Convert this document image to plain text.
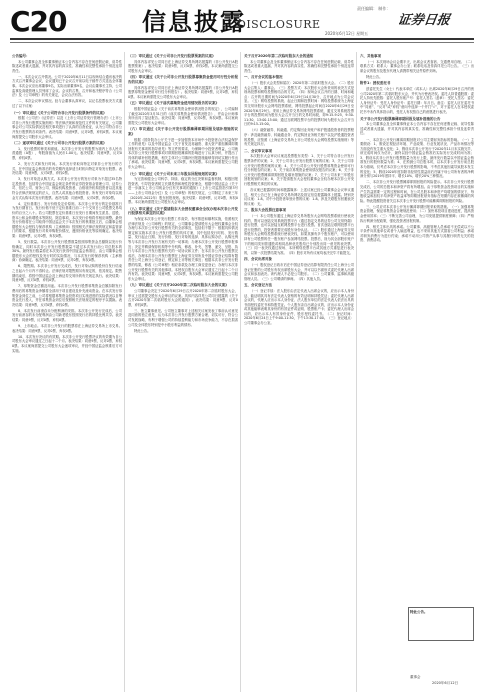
责任编辑： 制作：
C20	信息披露
DISCLOSURE	证券日报
2020年6月12日 星期五

公告编号：

本公司董事会及全体董事保证本公告内容不存在任何虚假记载、误导性陈述或者重大遗漏，并对其内容的真实性、准确性和完整性承担个别及连带责任。

一、本次会议召开情况。公司于2020年6月11日以现场结合通讯表决的方式召开董事会会议，会议通知已于会议召开前以电子邮件方式送达全体董事。本次会议应出席董事9名，实际出席董事9名，会议由董事长主持，公司监事及高级管理人员列席了会议。会议的召集、召开和表决程序符合《公司法》及《公司章程》的有关规定，会议合法有效。

二、本次会议审议情况。经与会董事认真审议，以记名投票表决方式通过了以下议案：

（一）审议通过《关于公司符合非公开发行股票条件的议案》

根据《公司法》《证券法》以及《上市公司证券发行管理办法》《上市公司非公开发行股票实施细则》等法律法规和规范性文件的有关规定，公司董事会对公司实际情况及相关事项进行了认真的自查论证，认为公司符合非公开发行股票的各项条件。表决结果：同意9票，反对0票，弃权0票。本议案尚需提交公司股东大会审议。

（二）逐项审议通过《关于公司非公开发行股票方案的议案》

1、发行股票的种类和面值。本次非公开发行的股票为境内上市人民币普通股（A股），每股面值为人民币1.00元。表决结果：同意9票，反对0票，弃权0票。

2、发行方式和发行时间。本次发行采取向特定对象非公开发行的方式，在中国证监会核准后的有效期内选择适当时机向特定对象发行股票。表决结果：同意9票，反对0票，弃权0票。

3、发行对象及认购方式。本次非公开发行的发行对象为不超过35名特定投资者，包括符合中国证监会规定条件的证券投资基金管理公司、证券公司、信托公司、财务公司、保险机构投资者、合格境外机构投资者以及其他符合法律法规规定的法人、自然人或其他合格投资者。所有发行对象均以现金方式认购本次发行的股票。表决结果：同意9票，反对0票，弃权0票。

4、定价基准日、发行价格及定价原则。本次非公开发行的定价基准日为发行期首日。发行价格不低于定价基准日前二十个交易日公司股票交易均价的百分之八十。若公司股票在定价基准日至发行日期间发生派息、送股、资本公积金转增股本等除权、除息事项，本次发行价格将作相应调整。最终发行价格将在公司取得中国证监会关于本次发行的核准批文后，由董事会根据股东大会授权与保荐机构（主承销商）按照相关法律法规的规定和监管部门的要求，根据发行对象申购报价情况，遵照价格优先等原则确定。表决结果：同意9票，反对0票，弃权0票。

5、发行数量。本次非公开发行股票数量按照募集资金总额除以发行价格确定，同时本次非公开发行股票数量不超过本次发行前公司总股本的30%。最终发行数量将在本次发行获得中国证监会核准后，由公司董事会根据股东大会的授权及发行时的实际情况，与本次发行的保荐机构（主承销商）协商确定。表决结果：同意9票，反对0票，弃权0票。

6、限售期。本次非公开发行完成后，发行对象认购的股份自发行结束之日起六个月内不得转让。法律法规对限售期另有规定的，依其规定。限售期结束后，将按中国证监会及上海证券交易所的有关规定执行。表决结果：同意9票，反对0票，弃权0票。

7、募集资金总额及用途。本次非公开发行股票募集资金总额扣除发行费用后的募集资金净额将全部用于项目建设及补充流动资金。在本次发行募集资金到位之前，公司将根据募集资金投资项目实施进度的实际情况以自筹资金先行投入，并在募集资金到位后按照相关法规规定的程序予以置换。表决结果：同意9票，反对0票，弃权0票。

8、本次发行前滚存未分配利润的安排。本次非公开发行完成后，公司发行前滚存的未分配利润由公司新老股东按照发行后的持股比例共享。表决结果：同意9票，反对0票，弃权0票。

9、上市地点。本次非公开发行的股票将在上海证券交易所上市交易。表决结果：同意9票，反对0票，弃权0票。

10、本次发行决议的有效期。本次非公开发行股票决议的有效期为自公司股东大会审议通过之日起十二个月。表决结果：同意9票，反对0票，弃权0票。本议案尚需提交公司股东大会逐项审议，并经中国证监会核准后方可实施。

（三）审议通过《关于公司非公开发行股票预案的议案》

具体内容详见公司同日在上海证券交易所网站披露的《非公开发行A股股票预案》。表决结果：同意9票，反对0票，弃权0票。本议案尚需提交公司股东大会审议。

（四）审议通过《关于公司非公开发行股票募集资金使用可行性分析报告的议案》

具体内容详见公司同日在上海证券交易所网站披露的《非公开发行A股股票募集资金使用可行性分析报告》。表决结果：同意9票，反对0票，弃权0票。本议案尚需提交公司股东大会审议。

（五）审议通过《关于前次募集资金使用情况报告的议案》

根据中国证监会《关于前次募集资金使用情况报告的规定》，公司编制了截至2020年3月31日的《前次募集资金使用情况报告》，并由会计师事务所出具了鉴证报告。表决结果：同意9票，反对0票，弃权0票。本议案尚需提交公司股东大会审议。

（六）审议通过《关于非公开发行股票摊薄即期回报及填补措施的议案》

根据《国务院办公厅关于进一步加强资本市场中小投资者合法权益保护工作的意见》以及中国证监会《关于首发及再融资、重大资产重组摊薄即期回报有关事项的指导意见》等文件的要求，为保障中小投资者利益，公司就本次非公开发行股票事项对即期回报摊薄的影响进行了认真分析，并提出了具体的填补回报措施，相关主体对公司填补回报措施能够得到切实履行作出了承诺。表决结果：同意9票，反对0票，弃权0票。本议案尚需提交公司股东大会审议。

（七）审议通过《关于公司未来三年股东回报规划的议案》

为完善和健全公司科学、持续、稳定的分红决策和监督机制，积极回报投资者，引导投资者树立长期投资和理性投资理念，根据中国证监会《关于进一步落实上市公司现金分红有关事项的通知》《上市公司监管指引第3号——上市公司现金分红》及《公司章程》的相关规定，公司制定了未来三年（2020年-2022年）股东回报规划。表决结果：同意9票，反对0票，弃权0票。本议案尚需提交公司股东大会审议。

（八）审议通过《关于提请股东大会授权董事会全权办理本次非公开发行股票相关事宜的议案》

为保证本次非公开发行股票工作高效、有序推进和顺利实施，依照相关法律法规及《公司章程》的规定，公司董事会提请股东大会授权董事会全权办理与本次非公开发行股票有关的全部事宜，包括但不限于：根据具体情况制定和实施本次非公开发行股票的具体方案，其中包括发行时机、发行数量、发行起止日期、发行价格、发行对象的选择、具体认购办法、认购比例等与本次非公开发行方案有关的一切事项；办理本次非公开发行股票申报事宜；决定并聘请保荐机构等中介机构，修改、补充、签署、递交、呈报、执行与本次非公开发行股票有关的一切协议和文件；在本次非公开发行股票完成后，办理本次非公开发行股票在上海证券交易所及中国证券登记结算有限责任公司上海分公司登记、锁定和上市等相关事宜；根据本次非公开发行股票的结果，修改《公司章程》相应条款及办理工商变更登记；办理与本次非公开发行股票有关的其他事项。本授权自股东大会审议通过之日起十二个月内有效。表决结果：同意9票，反对0票，弃权0票。本议案尚需提交公司股东大会审议。

（九）审议通过《关于召开2020年第二次临时股东大会的议案》

公司董事会决定于2020年6月29日召开2020年第二次临时股东大会，审议上述需提交股东大会审议的议案。具体内容详见公司同日披露的《关于召开2020年第二次临时股东大会的通知》。表决结果：同意9票，反对0票，弃权0票。

三、独立董事意见。公司独立董事对上述相关议案发表了事前认可意见及同意的独立意见，认为本次非公开发行股票方案合理、切实可行，符合公司发展战略，有利于增强公司的持续盈利能力和市场竞争能力，不存在损害公司及全体股东特别是中小股东利益的情形。

特此公告。

关于召开2020年第二次临时股东大会的通知

本公司董事会及全体董事保证本公告内容不存在任何虚假记载、误导性陈述或者重大遗漏，并对其内容的真实性、准确性和完整性承担个别及连带责任。

一、召开会议的基本情况

（一）股东大会类型和届次：2020年第二次临时股东大会。（二）股东大会召集人：董事会。（三）投票方式：本次股东大会所采用的表决方式是现场投票和网络投票相结合的方式。（四）现场会议召开的日期、时间和地点：召开的日期时间为2020年6月29日14点30分，召开地点为公司会议室。（五）网络投票的系统、起止日期和投票时间：网络投票系统为上海证券交易所股东大会网络投票系统，网络投票起止时间自2020年6月29日至2020年6月29日。采用上海证券交易所网络投票系统，通过交易系统投票平台的投票时间为股东大会召开当日的交易时间段，即9:15-9:25，9:30-11:30，13:00-15:00；通过互联网投票平台的投票时间为股东大会召开当日的9:15-15:00。

（六）融资融券、转融通、约定购回业务账户和沪股通投资者的投票程序：涉及融资融券、转融通业务、约定购回业务相关账户以及沪股通投资者的投票，应按照《上海证券交易所上市公司股东大会网络投票实施细则》等有关规定执行。

二、会议审议事项

本次股东大会审议议案及投票股东类型：1、关于公司符合非公开发行股票条件的议案；2、关于公司非公开发行股票方案的议案；3、关于公司非公开发行股票预案的议案；4、关于公司非公开发行股票募集资金使用可行性分析报告的议案；5、关于前次募集资金使用情况报告的议案；6、关于非公开发行股票摊薄即期回报及填补措施的议案；7、关于公司未来三年股东回报规划的议案；8、关于提请股东大会授权董事会全权办理本次非公开发行股票相关事宜的议案。

各议案已披露的时间和披露媒体：上述议案已经公司董事会会议审议通过，相关公告已在上海证券交易所网站及指定信息披露媒体上披露。特别决议议案：1-8。对中小投资者单独计票的议案：1-8。涉及关联股东回避表决的议案：无。

三、股东大会投票注意事项

（一）本公司股东通过上海证券交易所股东大会网络投票系统行使表决权的，既可以登陆交易系统投票平台（通过指定交易的证券公司交易终端）进行投票，也可以登陆互联网投票平台进行投票。首次登陆互联网投票平台进行投票的，投资者需要完成股东身份认证。（二）股东通过上海证券交易所股东大会网络投票系统行使表决权，如果其拥有多个股东账户，可以使用持有公司股票的任一股东账户参加网络投票。投票后，视为其全部股东账户下的相同类别普通股或相同品种优先股均已分别投出同一意见的表决票。（三）同一表决权通过现场、本所网络投票平台或其他方式重复进行表决的，以第一次投票结果为准。（四）股东对所有议案均表决完毕才能提交。

四、会议出席对象

（一）股权登记日收市后在中国证券登记结算有限责任公司上海分公司登记在册的公司股东有权出席股东大会，并可以以书面形式委托代理人出席会议和参加表决。该代理人不必是公司股东。（二）公司董事、监事和高级管理人员。（三）公司聘请的律师。（四）其他人员。

五、会议登记方法

（一）登记手续：法人股东由法定代表人出席会议的，应出示本人身份证、能证明其具有法定代表人资格的有效证明和持股凭证；委托代理人出席会议的，代理人应出示本人身份证、法人股东单位的法定代表人依法出具的书面授权委托书和持股凭证。个人股东亲自出席会议的，应出示本人身份证或其他能够表明其身份的有效证件或证明、股票账户卡；委托代理人出席会议的，应出示本人有效身份证件、股东授权委托书。（二）登记时间：2020年6月24日上午9:00-11:30，下午13:30-17:00。（三）登记地点：公司董事会办公室。

六、其他事项

（一）本次现场会议会期半天，出席会议者食宿、交通费用自理。（二）联系方式：联系人：董事会办公室；联系电话及传真详见公司公告。（三）出席会议的股东及股东代理人请携带相关证件原件到场。

特此公告。

附件1：授权委托书

兹委托先生（女士）代表本单位（或本人）出席2020年6月29日召开的贵公司2020年第二次临时股东大会，并代为行使表决权。委托人持普通股数：委托人持优先股数：委托人股东帐户号：委托人签名（盖章）：受托人签名：委托人身份证号：受托人身份证号：委托日期：年月日。备注：委托人应在委托书中“同意”、“反对”或“弃权”意向中选择一个并打“√”，对于委托人在本授权委托书中未作具体指示的，受托人有权按自己的意愿进行表决。

关于非公开发行股票摊薄即期回报及填补措施的公告

本公司董事会及全体董事保证本公告内容不存在任何虚假记载、误导性陈述或者重大遗漏，并对其内容的真实性、准确性和完整性承担个别及连带责任。

一、本次非公开发行摊薄即期回报对公司主要财务指标的影响。（一）主要假设：1、假设宏观经济环境、产业政策、行业发展状况、产品市场情况等方面没有发生重大变化；2、假设本次非公开发行于2020年11月末实施完毕，该完成时间仅为估计，最终以经中国证监会核准后实际发行完成时间为准；3、假设本次非公开发行股票数量为发行上限，最终发行数量以中国证监会核准发行的股份数量为准；4、在预测公司总股本时，以本次非公开发行前总股本为基础，仅考虑本次非公开发行股票的影响，不考虑其他因素导致股本发生的变化；5、假设2020年度扣除非经常性损益前后归属于母公司所有者的净利润分别与2019年度持平、增长10%、增长20%三种情况。

二、本次非公开发行股票摊薄即期回报的风险提示。本次非公开发行股票完成后，公司的总股本和净资产将有所增加。由于募集资金投资项目的实施和产生效益需要一定的过程和时间，在公司总股本和净资产均增加的情况下，每股收益和加权平均净资产收益率等即期回报财务指标在短期内存在被摊薄的风险。特此提醒投资者关注本次非公开发行股票可能摊薄即期回报的风险。

三、公司应对本次非公开发行摊薄即期回报采取的措施。（一）加强募集资金管理，保证募集资金合理规范使用；（二）加快募投项目建设进度，提高资金使用效率；（三）不断完善公司治理，为公司发展提供制度保障；（四）严格执行利润分配政策，强化投资者回报机制。

四、相关主体出具的承诺。公司董事、高级管理人员承诺不无偿或以不公平条件向其他单位或者个人输送利益，也不采用其他方式损害公司利益；承诺对职务消费行为进行约束；承诺不动用公司资产从事与其履行职责无关的投资、消费活动。

特此公告。
董事会
2020年6月12日
